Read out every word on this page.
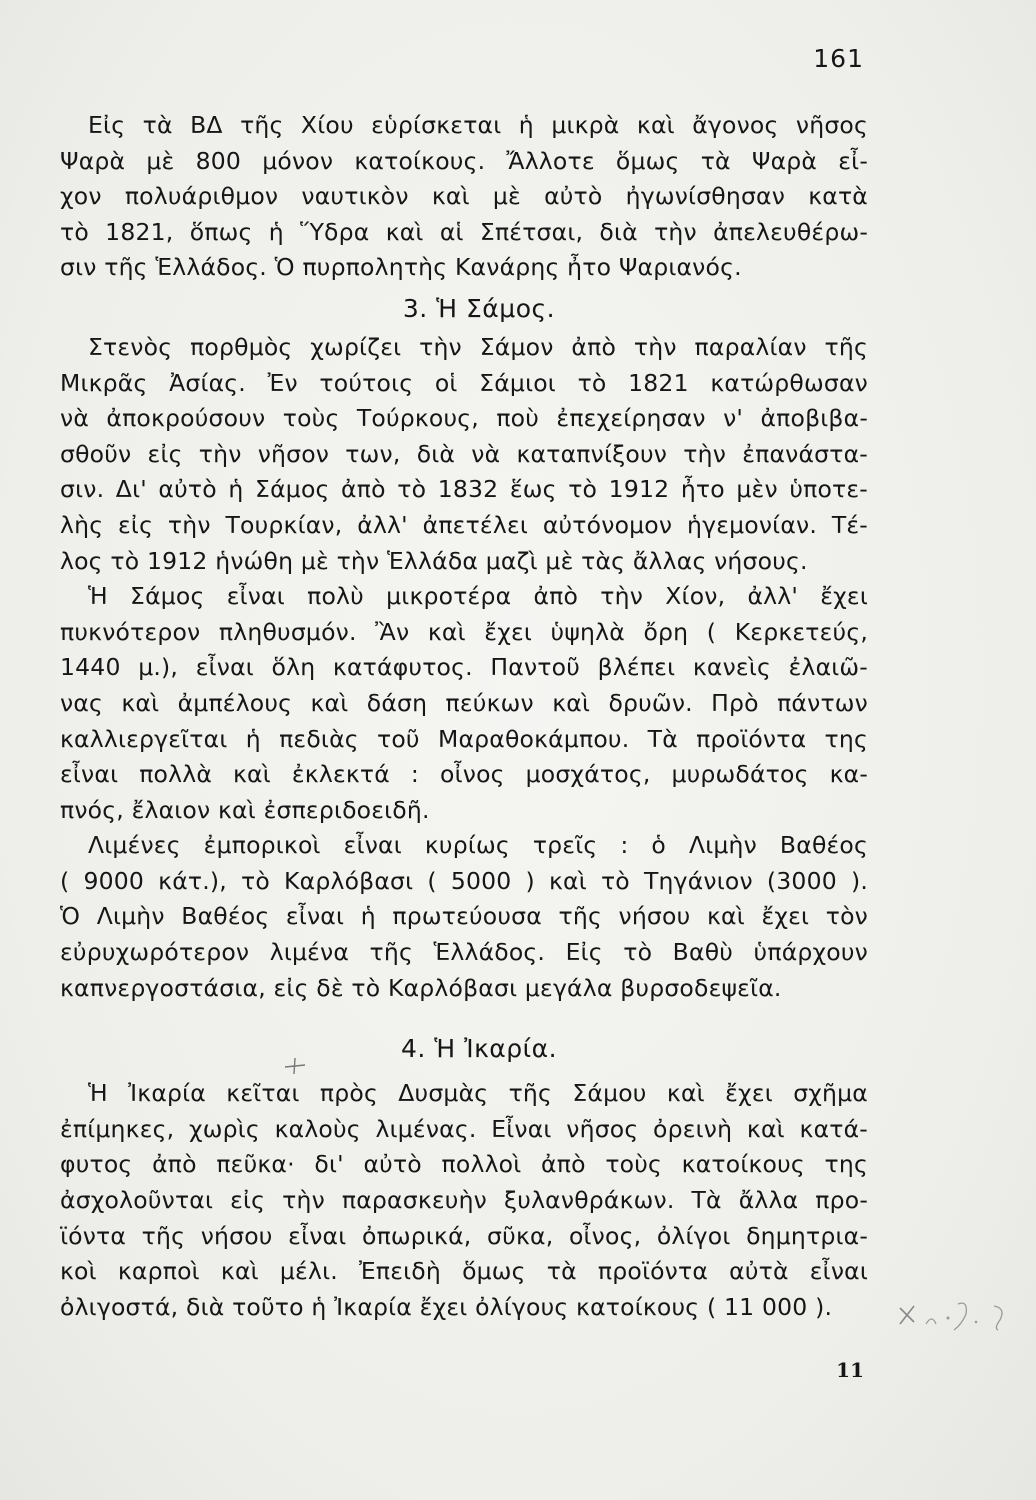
161
Εἰς τὰ ΒΔ τῆς Χίου εὑρίσκεται ἡ μικρὰ καὶ ἄγονος νῆσος
Ψαρὰ μὲ 800 μόνον κατοίκους. Ἄλλοτε ὅμως τὰ Ψαρὰ εἶ-
χον πολυάριθμον ναυτικὸν καὶ μὲ αὐτὸ ἠγωνίσθησαν κατὰ
τὸ 1821, ὅπως ἡ Ὕδρα καὶ αἱ Σπέτσαι, διὰ τὴν ἀπελευθέρω-
σιν τῆς Ἑλλάδος. Ὁ πυρπολητὴς Κανάρης ἦτο Ψαριανός.
3. Ἡ Σάμος.
Στενὸς πορθμὸς χωρίζει τὴν Σάμον ἀπὸ τὴν παραλίαν τῆς
Μικρᾶς Ἀσίας. Ἐν τούτοις οἱ Σάμιοι τὸ 1821 κατώρθωσαν
νὰ ἀποκρούσουν τοὺς Τούρκους, ποὺ ἐπεχείρησαν ν' ἀποβιβα-
σθοῦν εἰς τὴν νῆσον των, διὰ νὰ καταπνίξουν τὴν ἐπανάστα-
σιν. Δι' αὐτὸ ἡ Σάμος ἀπὸ τὸ 1832 ἕως τὸ 1912 ἦτο μὲν ὑποτε-
λὴς εἰς τὴν Τουρκίαν, ἀλλ' ἀπετέλει αὐτόνομον ἡγεμονίαν. Τέ-
λος τὸ 1912 ἡνώθη μὲ τὴν Ἑλλάδα μαζὶ μὲ τὰς ἄλλας νήσους.
Ἡ Σάμος εἶναι πολὺ μικροτέρα ἀπὸ τὴν Χίον, ἀλλ' ἔχει
πυκνότερον πληθυσμόν. Ἂν καὶ ἔχει ὑψηλὰ ὄρη ( Κερκετεύς,
1440 μ.), εἶναι ὅλη κατάφυτος. Παντοῦ βλέπει κανεὶς ἐλαιῶ-
νας καὶ ἀμπέλους καὶ δάση πεύκων καὶ δρυῶν. Πρὸ πάντων
καλλιεργεῖται ἡ πεδιὰς τοῦ Μαραθοκάμπου. Τὰ προϊόντα της
εἶναι πολλὰ καὶ ἐκλεκτά : οἶνος μοσχάτος, μυρωδάτος κα-
πνός, ἔλαιον καὶ ἐσπεριδοειδῆ.
Λιμένες ἐμπορικοὶ εἶναι κυρίως τρεῖς : ὁ Λιμὴν Βαθέος
( 9000 κάτ.), τὸ Καρλόβασι ( 5000 ) καὶ τὸ Τηγάνιον (3000 ).
Ὁ Λιμὴν Βαθέος εἶναι ἡ πρωτεύουσα τῆς νήσου καὶ ἔχει τὸν
εὐρυχωρότερον λιμένα τῆς Ἑλλάδος. Εἰς τὸ Βαθὺ ὑπάρχουν
καπνεργοστάσια, εἰς δὲ τὸ Καρλόβασι μεγάλα βυρσοδεψεῖα.
4. Ἡ Ἰκαρία.
Ἡ Ἰκαρία κεῖται πρὸς Δυσμὰς τῆς Σάμου καὶ ἔχει σχῆμα
ἐπίμηκες, χωρὶς καλοὺς λιμένας. Εἶναι νῆσος ὀρεινὴ καὶ κατά-
φυτος ἀπὸ πεῦκα· δι' αὐτὸ πολλοὶ ἀπὸ τοὺς κατοίκους της
ἀσχολοῦνται εἰς τὴν παρασκευὴν ξυλανθράκων. Τὰ ἄλλα προ-
ϊόντα τῆς νήσου εἶναι ὀπωρικά, σῦκα, οἶνος, ὀλίγοι δημητρια-
κοὶ καρποὶ καὶ μέλι. Ἐπειδὴ ὅμως τὰ προϊόντα αὐτὰ εἶναι
ὀλιγοστά, διὰ τοῦτο ἡ Ἰκαρία ἔχει ὀλίγους κατοίκους ( 11 000 ).
11
